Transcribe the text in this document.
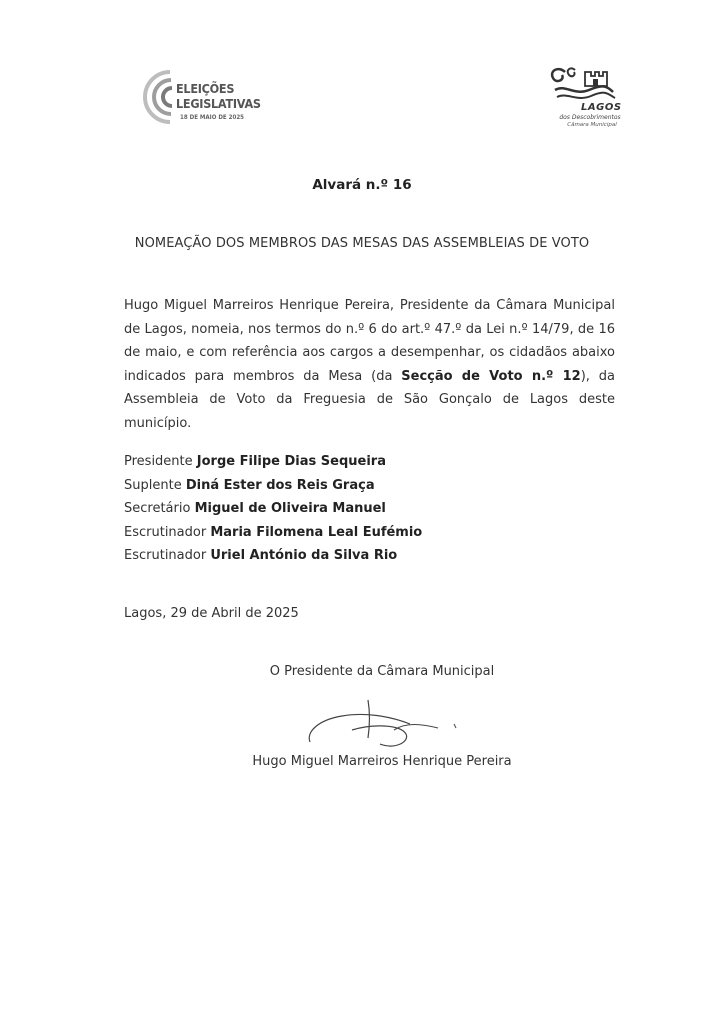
ELEIÇÕES
LEGISLATIVAS
18 DE MAIO DE 2025
LAGOS
dos Descobrimentos
Câmara Municipal
Alvará n.º 16
NOMEAÇÃO DOS MEMBROS DAS MESAS DAS ASSEMBLEIAS DE VOTO
Hugo Miguel Marreiros Henrique Pereira, Presidente da Câmara Municipal de Lagos, nomeia, nos termos do n.º 6 do art.º 47.º da Lei n.º 14/79, de 16 de maio, e com referência aos cargos a desempenhar, os cidadãos abaixo indicados para membros da Mesa (da Secção de Voto n.º 12), da Assembleia de Voto da Freguesia de São Gonçalo de Lagos deste município.
Presidente Jorge Filipe Dias Sequeira
Suplente Diná Ester dos Reis Graça
Secretário Miguel de Oliveira Manuel
Escrutinador Maria Filomena Leal Eufémio
Escrutinador Uriel António da Silva Rio
Lagos, 29 de Abril de 2025
O Presidente da Câmara Municipal
Hugo Miguel Marreiros Henrique Pereira
